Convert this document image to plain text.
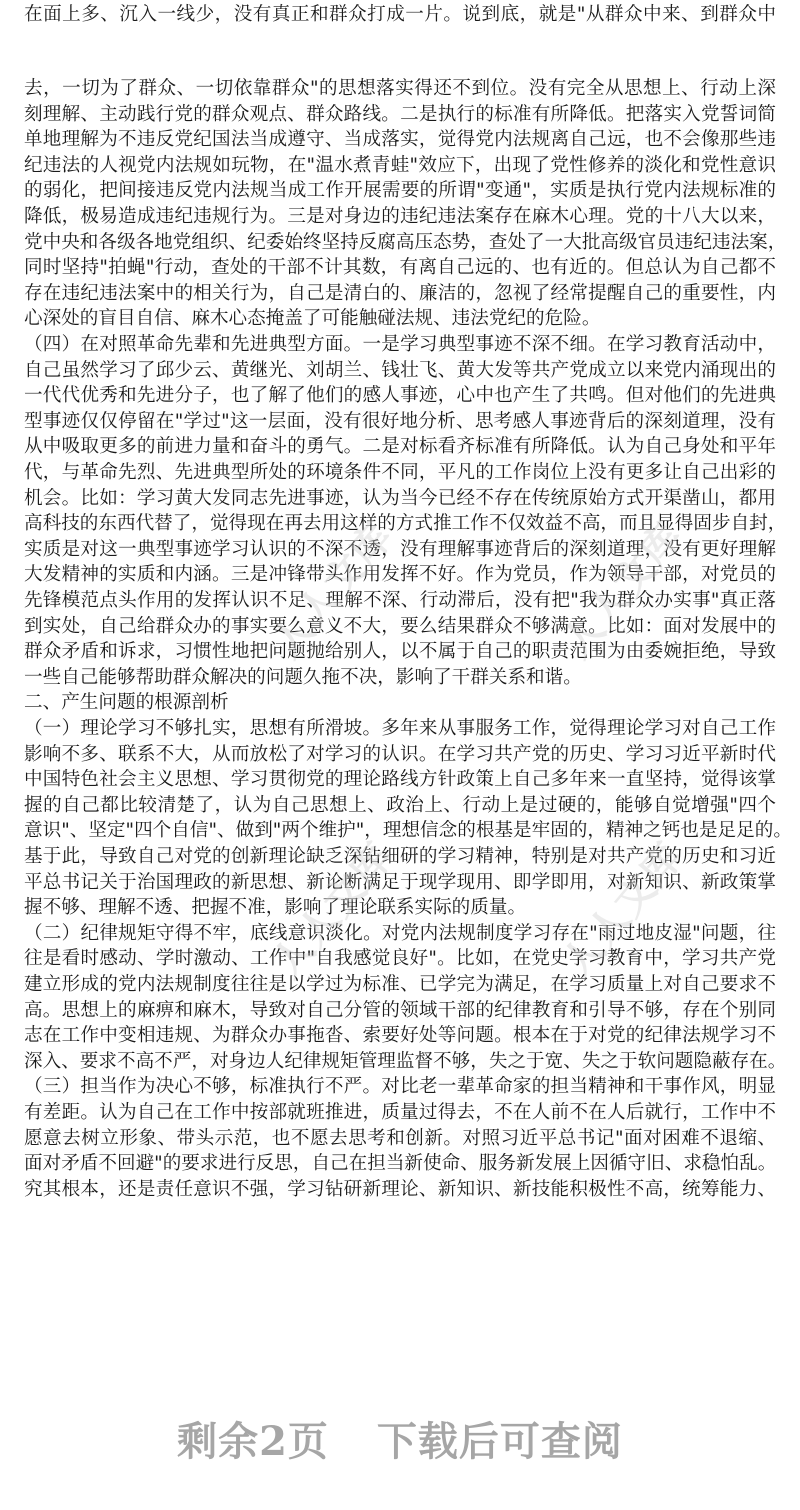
在面上多、沉入一线少，没有真正和群众打成一片。说到底，就是"从群众中来、到群众中
去，一切为了群众、一切依靠群众"的思想落实得还不到位。没有完全从思想上、行动上深
刻理解、主动践行党的群众观点、群众路线。二是执行的标准有所降低。把落实入党誓词简
单地理解为不违反党纪国法当成遵守、当成落实，觉得党内法规离自己远，也不会像那些违
纪违法的人视党内法规如玩物，在"温水煮青蛙"效应下，出现了党性修养的淡化和党性意识
的弱化，把间接违反党内法规当成工作开展需要的所谓"变通"，实质是执行党内法规标准的
降低，极易造成违纪违规行为。三是对身边的违纪违法案存在麻木心理。党的十八大以来，
党中央和各级各地党组织、纪委始终坚持反腐高压态势，查处了一大批高级官员违纪违法案，
同时坚持"拍蝇"行动，查处的干部不计其数，有离自己远的、也有近的。但总认为自己都不
存在违纪违法案中的相关行为，自己是清白的、廉洁的，忽视了经常提醒自己的重要性，内
心深处的盲目自信、麻木心态掩盖了可能触碰法规、违法党纪的危险。
（四）在对照革命先辈和先进典型方面。一是学习典型事迹不深不细。在学习教育活动中，
自己虽然学习了邱少云、黄继光、刘胡兰、钱壮飞、黄大发等共产党成立以来党内涌现出的
一代代优秀和先进分子，也了解了他们的感人事迹，心中也产生了共鸣。但对他们的先进典
型事迹仅仅停留在"学过"这一层面，没有很好地分析、思考感人事迹背后的深刻道理，没有
从中吸取更多的前进力量和奋斗的勇气。二是对标看齐标准有所降低。认为自己身处和平年
代，与革命先烈、先进典型所处的环境条件不同，平凡的工作岗位上没有更多让自己出彩的
机会。比如：学习黄大发同志先进事迹，认为当今已经不存在传统原始方式开渠凿山，都用
高科技的东西代替了，觉得现在再去用这样的方式推工作不仅效益不高，而且显得固步自封，
实质是对这一典型事迹学习认识的不深不透，没有理解事迹背后的深刻道理，没有更好理解
大发精神的实质和内涵。三是冲锋带头作用发挥不好。作为党员，作为领导干部，对党员的
先锋模范点头作用的发挥认识不足、理解不深、行动滞后，没有把"我为群众办实事"真正落
到实处，自己给群众办的事实要么意义不大，要么结果群众不够满意。比如：面对发展中的
群众矛盾和诉求，习惯性地把问题抛给别人，以不属于自己的职责范围为由委婉拒绝，导致
一些自己能够帮助群众解决的问题久拖不决，影响了干群关系和谐。
二、产生问题的根源剖析
（一）理论学习不够扎实，思想有所滑坡。多年来从事服务工作，觉得理论学习对自己工作
影响不多、联系不大，从而放松了对学习的认识。在学习共产党的历史、学习习近平新时代
中国特色社会主义思想、学习贯彻党的理论路线方针政策上自己多年来一直坚持，觉得该掌
握的自己都比较清楚了，认为自己思想上、政治上、行动上是过硬的，能够自觉增强"四个
意识"、坚定"四个自信"、做到"两个维护"，理想信念的根基是牢固的，精神之钙也是足足的。
基于此，导致自己对党的创新理论缺乏深钻细研的学习精神，特别是对共产党的历史和习近
平总书记关于治国理政的新思想、新论断满足于现学现用、即学即用，对新知识、新政策掌
握不够、理解不透、把握不准，影响了理论联系实际的质量。
（二）纪律规矩守得不牢，底线意识淡化。对党内法规制度学习存在"雨过地皮湿"问题，往
往是看时感动、学时激动、工作中"自我感觉良好"。比如，在党史学习教育中，学习共产党
建立形成的党内法规制度往往是以学过为标准、已学完为满足，在学习质量上对自己要求不
高。思想上的麻痹和麻木，导致对自己分管的领域干部的纪律教育和引导不够，存在个别同
志在工作中变相违规、为群众办事拖沓、索要好处等问题。根本在于对党的纪律法规学习不
深入、要求不高不严，对身边人纪律规矩管理监督不够，失之于宽、失之于软问题隐蔽存在。
（三）担当作为决心不够，标准执行不严。对比老一辈革命家的担当精神和干事作风，明显
有差距。认为自己在工作中按部就班推进，质量过得去，不在人前不在人后就行，工作中不
愿意去树立形象、带头示范，也不愿去思考和创新。对照习近平总书记"面对困难不退缩、
面对矛盾不回避"的要求进行反思，自己在担当新使命、服务新发展上因循守旧、求稳怕乱。
究其根本，还是责任意识不强，学习钻研新理论、新知识、新技能积极性不高，统筹能力、
人人文库	人人文库
人人文库	人人文库
剩余2页 下载后可查阅
